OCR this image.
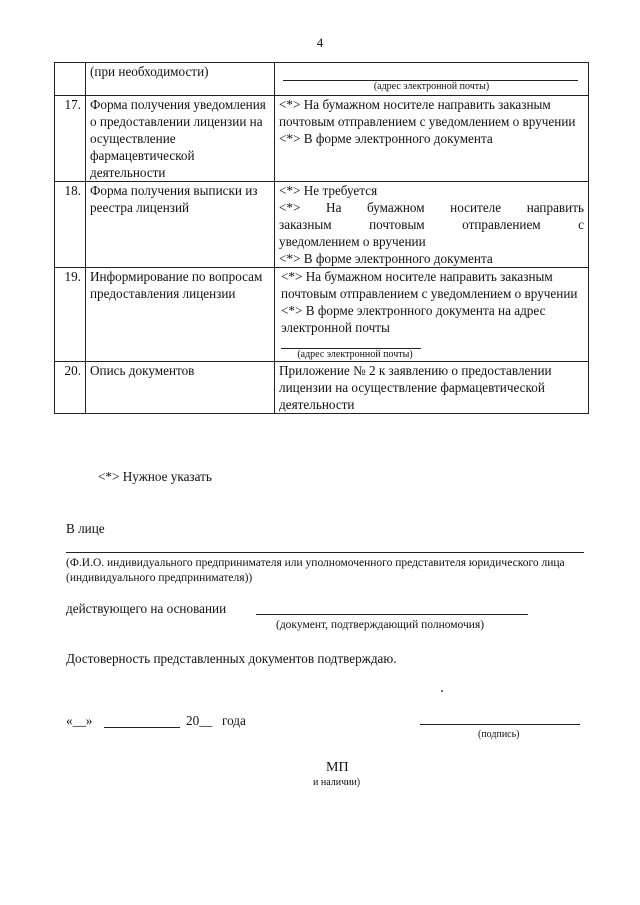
4
	(при необходимости)	(адрес электронной почты)

17.	Форма получения уведомления о предоставлении лицензии на осуществление фармацевтической деятельности	<*> На бумажном носителе направить заказным почтовым отправлением с уведомлением о вручении
<*> В форме электронного документа

18.	Форма получения выписки из реестра лицензий	<*> Не требуется
<*> На бумажном носителе направить
заказным почтовым отправлением с
уведомлением о вручении
<*> В форме электронного документа

19.	Информирование по вопросам предоставления лицензии	<*> На бумажном носителе направить заказным почтовым отправлением с уведомлением о вручении
<*> В форме электронного документа на адрес электронной почты
(адрес электронной почты)

20.	Опись документов	Приложение № 2 к заявлению о предоставлении лицензии на осуществление фармацевтической деятельности
<*> Нужное указать
В лице
(Ф.И.О. индивидуального предпринимателя или уполномоченного представителя юридического лица (индивидуального предпринимателя))
действующего на основании
(документ, подтверждающий полномочия)
Достоверность представленных документов подтверждаю.
«__»	20__ года
(подпись)
МП
и наличии)
